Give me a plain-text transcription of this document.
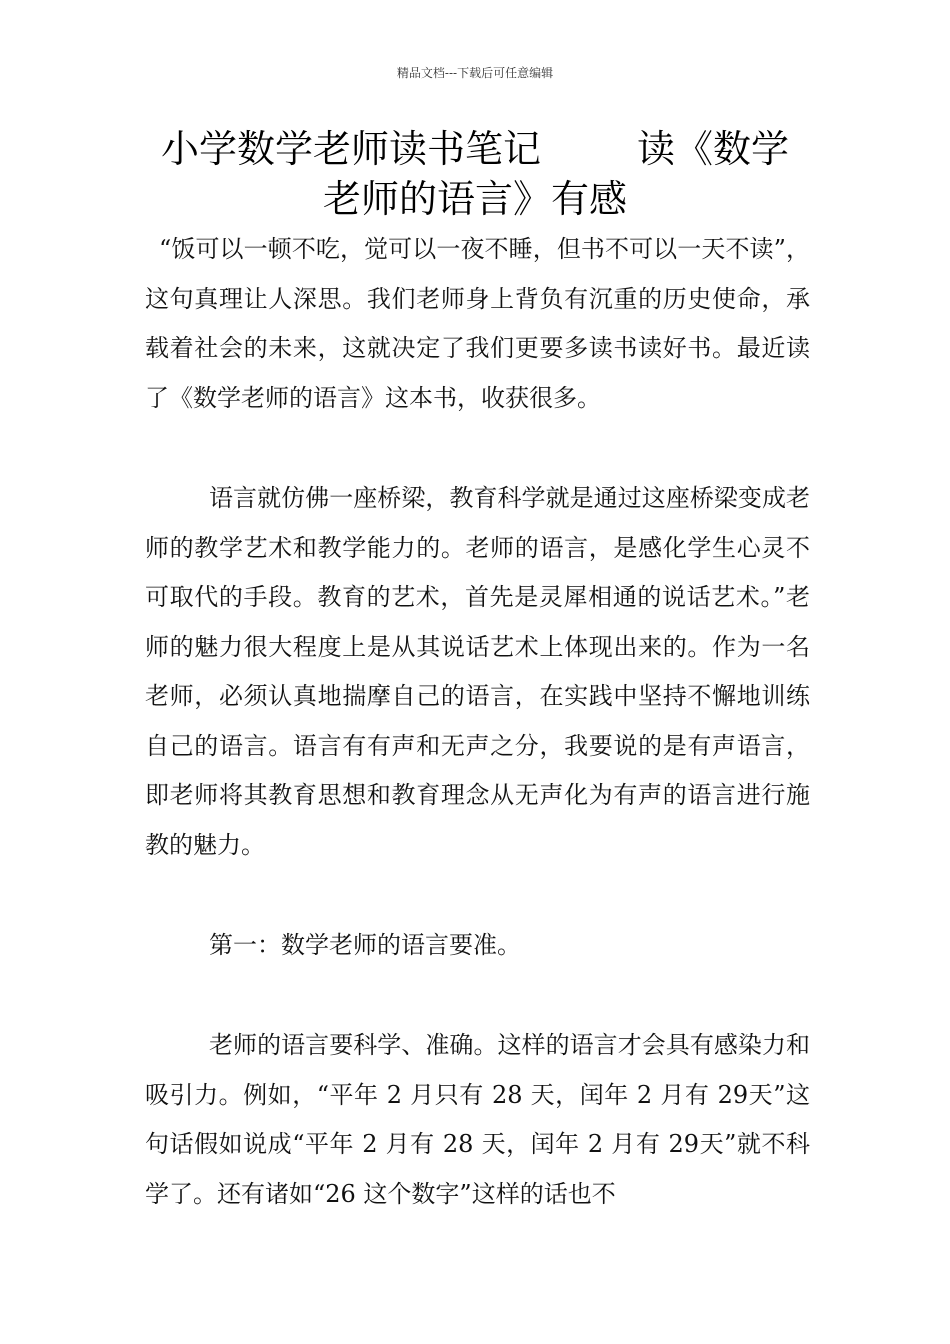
精品文档---下载后可任意编辑
小学数学老师读书笔记	读《数学
老师的语言》有感

“饭可以一顿不吃，觉可以一夜不睡，但书不可以一天不读”，这句真理让人深思。我们老师身上背负有沉重的历史使命，承载着社会的未来，这就决定了我们更要多读书读好书。最近读了《数学老师的语言》这本书，收获很多。

语言就仿佛一座桥梁，教育科学就是通过这座桥梁变成老师的教学艺术和教学能力的。老师的语言，是感化学生心灵不可取代的手段。教育的艺术，首先是灵犀相通的说话艺术。”老师的魅力很大程度上是从其说话艺术上体现出来的。作为一名老师，必须认真地揣摩自己的语言，在实践中坚持不懈地训练自己的语言。语言有有声和无声之分，我要说的是有声语言，即老师将其教育思想和教育理念从无声化为有声的语言进行施教的魅力。

第一：数学老师的语言要准。

老师的语言要科学、准确。这样的语言才会具有感染力和吸引力。例如，“平年 2 月只有 28 天，闰年 2 月有 29天”这句话假如说成“平年 2 月有 28 天，闰年 2 月有 29天”就不科学了。还有诸如“26 这个数字”这样的话也不
